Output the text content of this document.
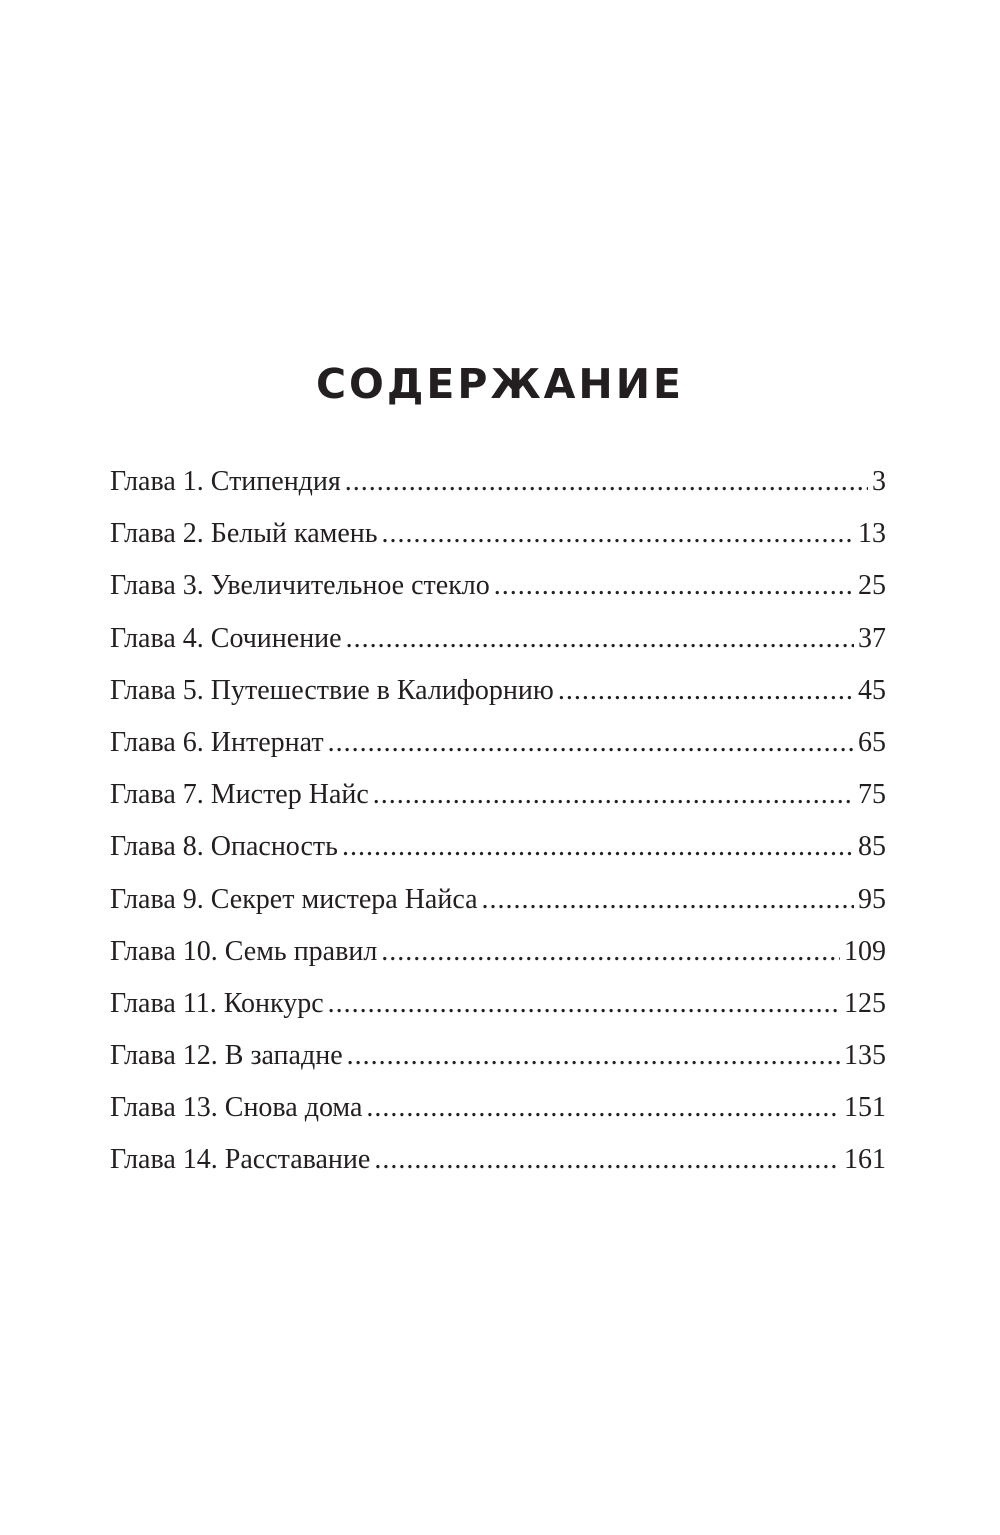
СОДЕРЖАНИЕ
Глава 1. Стипендия .....	3
Глава 2. Белый камень .....	13
Глава 3. Увеличительное стекло .....	25
Глава 4. Сочинение .....	37
Глава 5. Путешествие в Калифорнию .....	45
Глава 6. Интернат .....	65
Глава 7. Мистер Найс .....	75
Глава 8. Опасность .....	85
Глава 9. Секрет мистера Найса .....	95
Глава 10. Семь правил .....	109
Глава 11. Конкурс .....	125
Глава 12. В западне .....	135
Глава 13. Снова дома .....	151
Глава 14. Расставание .....	161
